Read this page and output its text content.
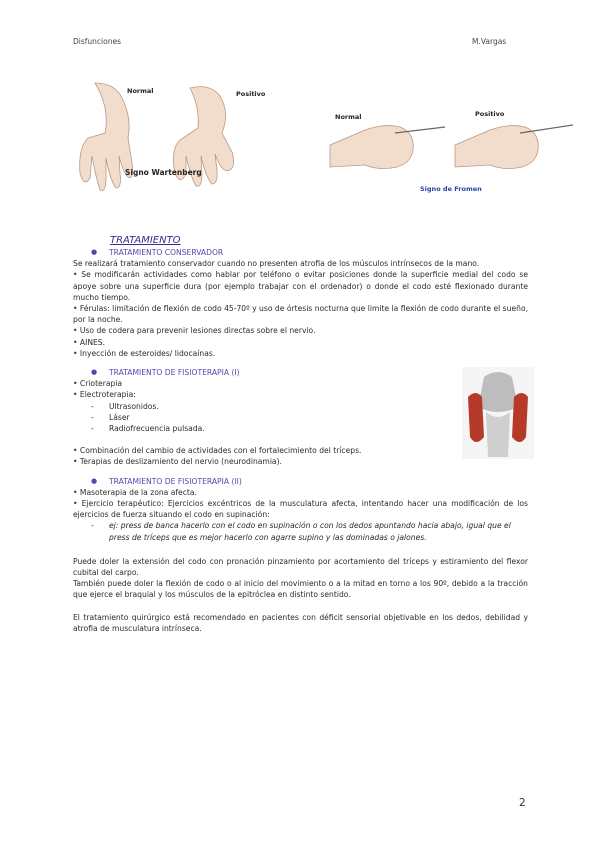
Disfunciones	M.Vargas
Normal	Positivo
Signo Wartenberg
Normal	Positivo
Signo de Fromen
TRATAMIENTO
● TRATAMIENTO CONSERVADOR

Se realizará tratamiento conservador cuando no presenten atrofia de los músculos intrínsecos de la mano.

• Se modificarán actividades como hablar por teléfono o evitar posiciones donde la superficie medial del codo se apoye sobre una superficie dura (por ejemplo trabajar con el ordenador) o donde el codo esté flexionado durante mucho tiempo.

• Férulas: limitación de flexión de codo 45-70º y uso de órtesis nocturna que limite la flexión de codo durante el sueño, por la noche.

• Uso de codera para prevenir lesiones directas sobre el nervio.

• AINES.

• Inyección de esteroides/ lidocaínas.

● TRATAMIENTO DE FISIOTERAPIA (I)

• Crioterapia

• Electroterapia:

-	Ultrasonidos.
-	Láser
-	Radiofrecuencia pulsada.

• Combinación del cambio de actividades con el fortalecimiento del tríceps.

• Terapias de deslizamiento del nervio (neurodinamia).

● TRATAMIENTO DE FISIOTERAPIA (II)

• Masoterapia de la zona afecta.

• Ejercicio terapéutico: Ejercicios excéntricos de la musculatura afecta, intentando hacer una modificación de los ejercicios de fuerza situando el codo en supinación:

-	ej: press de banca hacerlo con el codo en supinación o con los dedos apuntando hacia abajo, igual que el press de tríceps que es mejor hacerlo con agarre supino y las dominadas o jalones.

Puede doler la extensión del codo con pronación pinzamiento por acortamiento del tríceps y estiramiento del flexor cubital del carpo.

También puede doler la flexión de codo o al inicio del movimiento o a la mitad en torno a los 90º, debido a la tracción que ejerce el braquial y los músculos de la epitróclea en distinto sentido.

El tratamiento quirúrgico está recomendado en pacientes con déficit sensorial objetivable en los dedos, debilidad y atrofia de musculatura intrínseca.

2
